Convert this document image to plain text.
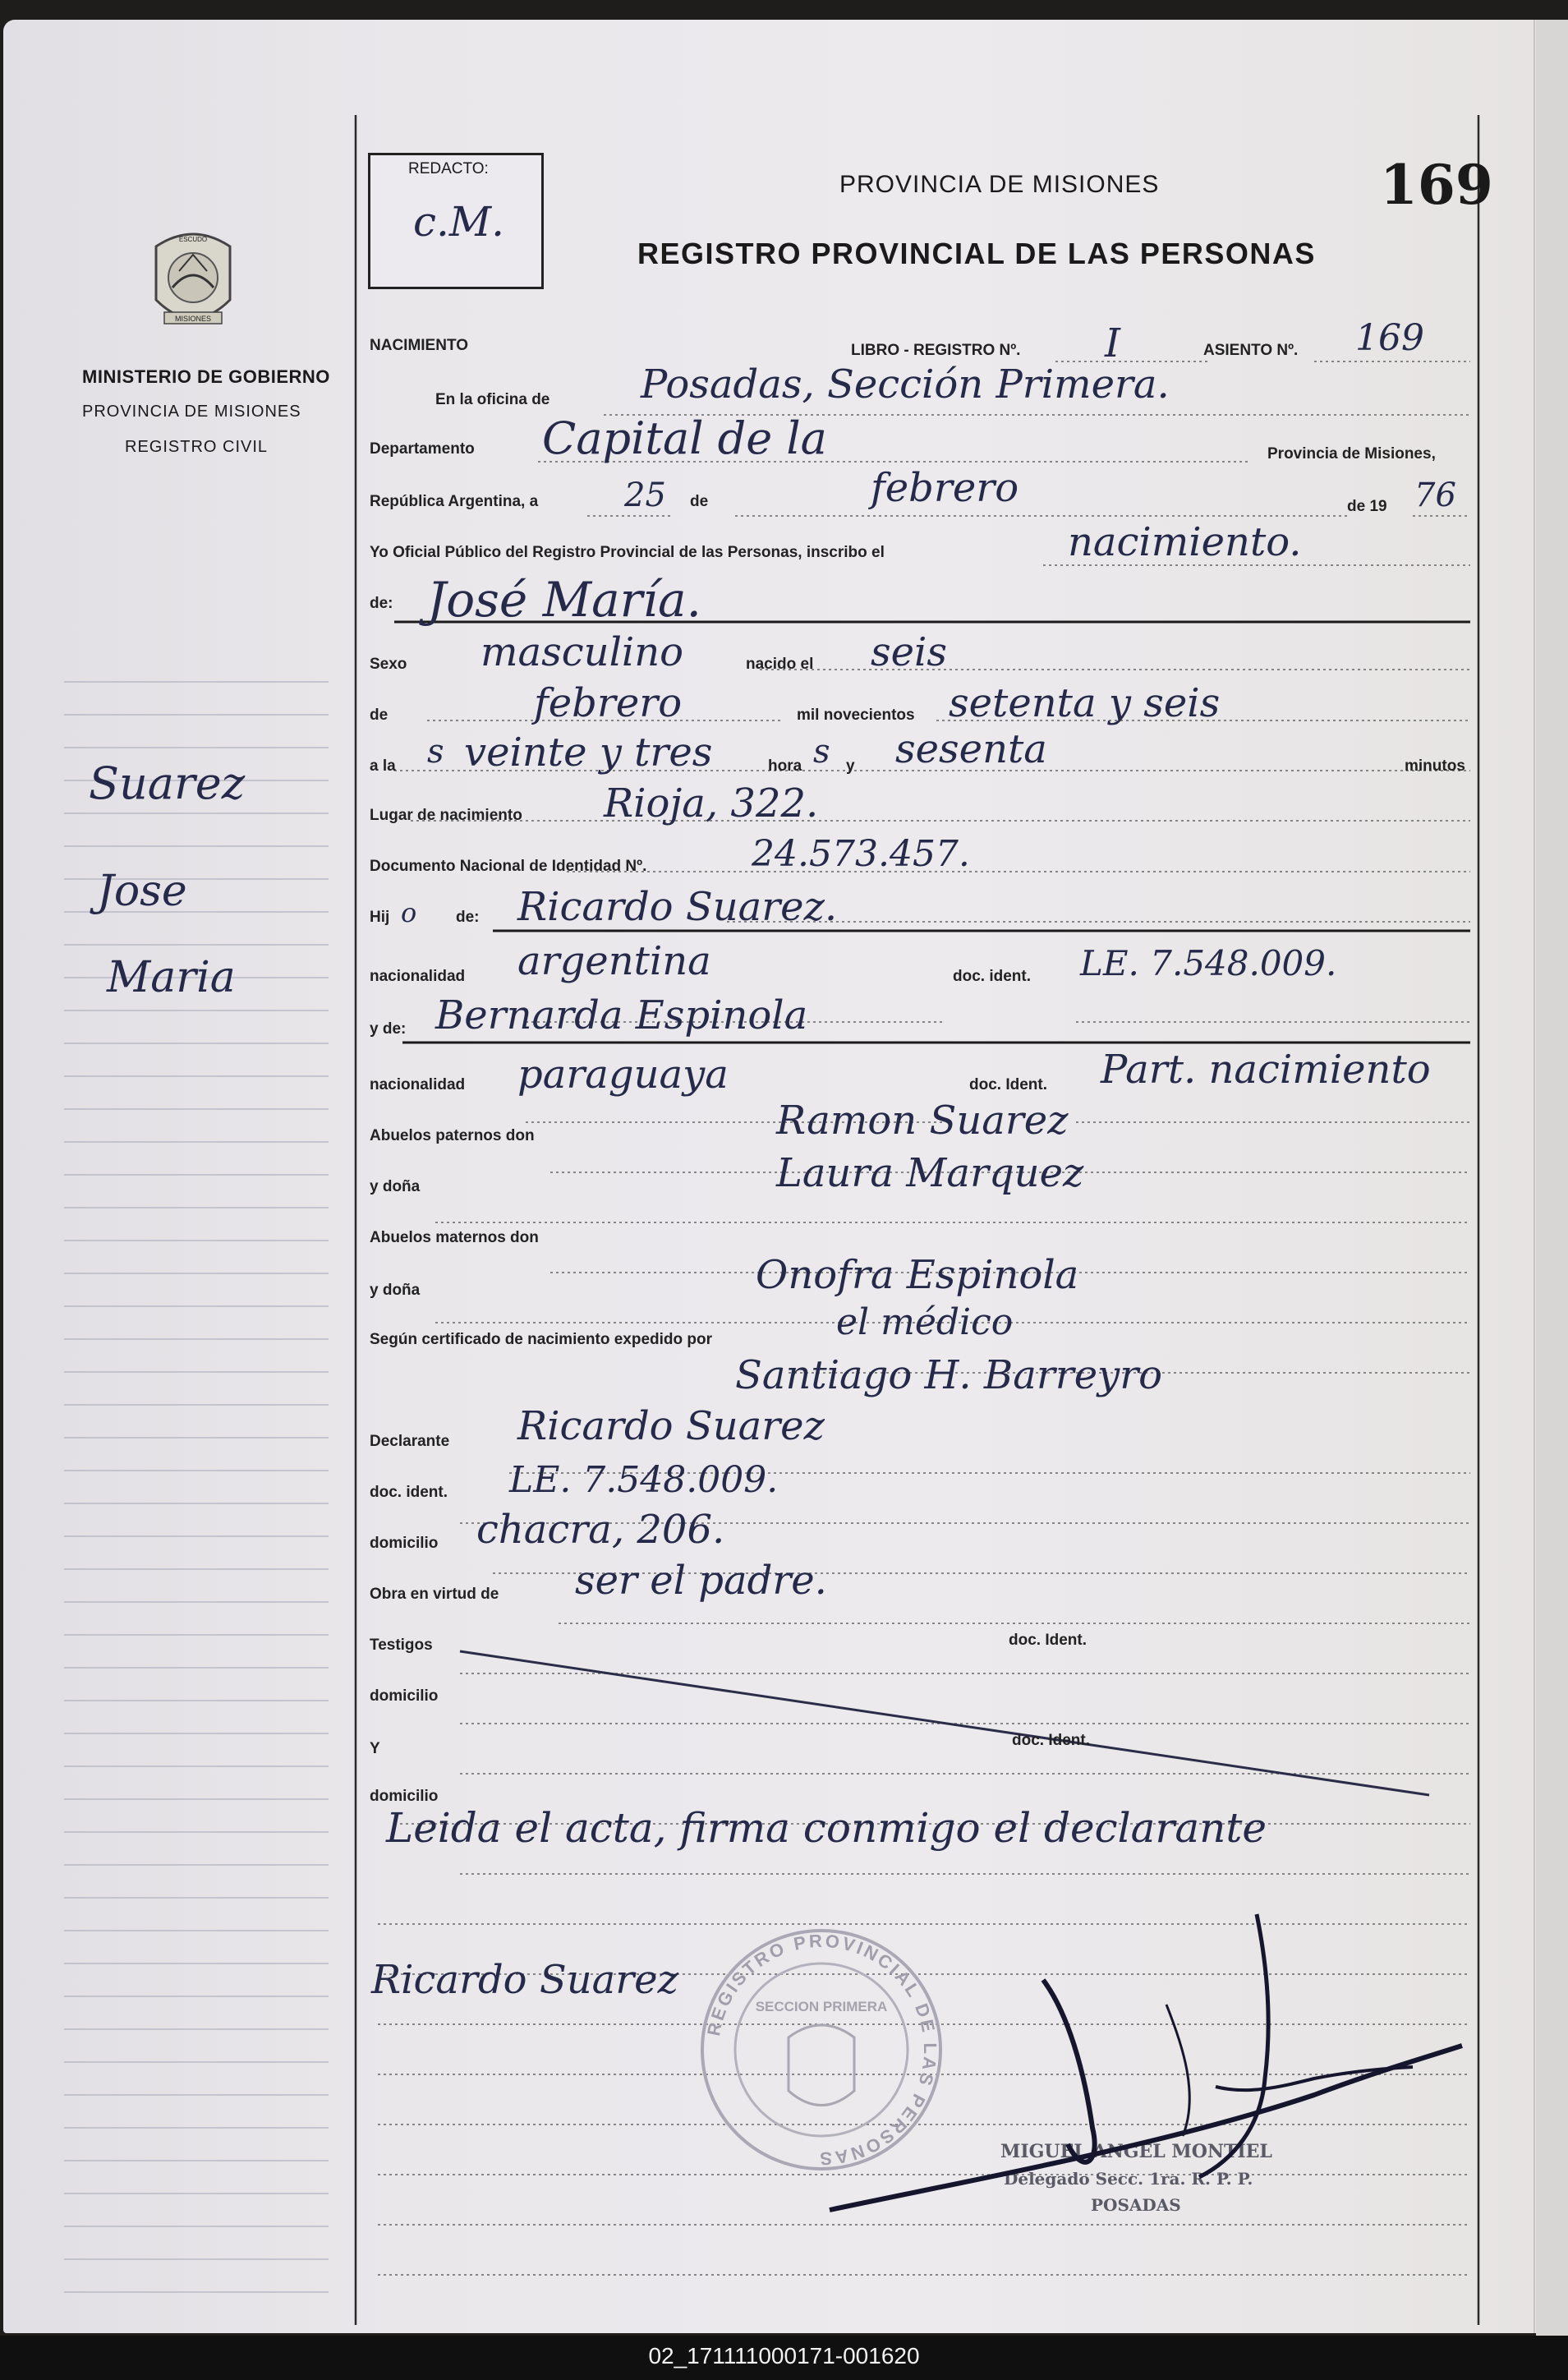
MISIONES
ESCUDO
MINISTERIO DE GOBIERNO
PROVINCIA DE MISIONES
REGISTRO CIVIL
Suarez
Jose
Maria
REDACTO:
c.M.
PROVINCIA DE MISIONES
REGISTRO PROVINCIAL DE LAS PERSONAS
169
NACIMIENTO	LIBRO - REGISTRO Nº. I	ASIENTO Nº. 169
En la oficina de Posadas, Sección Primera.
Departamento Capital de la	Provincia de Misiones,
República Argentina, a	25 de	febrero	de 19 76
Yo Oficial Público del Registro Provincial de las Personas, inscribo el	nacimiento.
de: José María.
Sexo masculino	nacido el seis
de	febrero	mil novecientos setenta y seis
a la s veinte y tres	hora s y sesenta	minutos
Lugar de nacimiento Rioja, 322.
Documento Nacional de Identidad Nº.	24.573.457.
Hij o	de: Ricardo Suarez.
nacionalidad argentina	doc. ident. LE. 7.548.009.
y de: Bernarda Espinola
nacionalidad paraguaya	doc. Ident. Part. nacimiento
Abuelos paternos don	Ramon Suarez
y doña	Laura Marquez
Abuelos maternos don
y doña	Onofra Espinola
Según certificado de nacimiento expedido por	el médico
Santiago H. Barreyro
Declarante Ricardo Suarez
doc. ident. LE. 7.548.009.
domicilio chacra, 206.
Obra en virtud de ser el padre.
Testigos	doc. Ident.
domicilio
Y	doc. Ident.
domicilio
Leida el acta, firma conmigo el declarante
Ricardo Suarez
REGISTRO PROVINCIAL DE LAS PERSONAS
SECCION PRIMERA
MIGUEL ANGEL MONTIEL
Delegado Secc. 1ra. R. P. P.
POSADAS
02_171111000171-001620
